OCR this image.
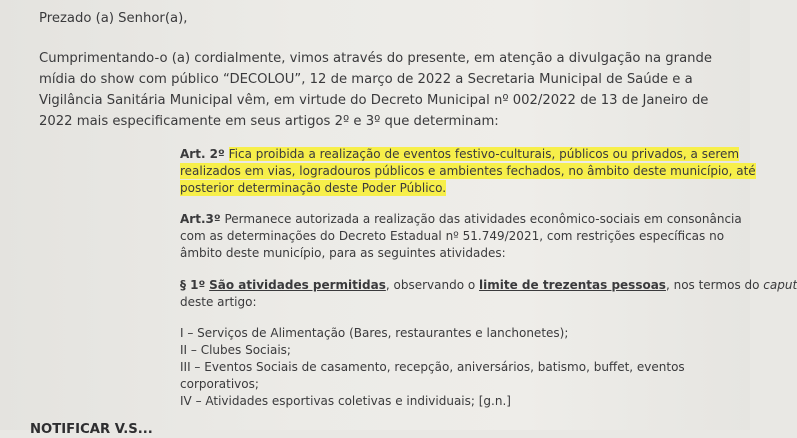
Prezado (a) Senhor(a),
Cumprimentando-o (a) cordialmente, vimos através do presente, em atenção a divulgação na grande
mídia do show com público “DECOLOU”, 12 de março de 2022 a Secretaria Municipal de Saúde e a
Vigilância Sanitária Municipal vêm, em virtude do Decreto Municipal nº 002/2022 de 13 de Janeiro de
2022 mais especificamente em seus artigos 2º e 3º que determinam:
Art. 2º Fica proibida a realização de eventos festivo-culturais, públicos ou privados, a serem
realizados em vias, logradouros públicos e ambientes fechados, no âmbito deste município, até
posterior determinação deste Poder Público.
Art.3º Permanece autorizada a realização das atividades econômico-sociais em consonância
com as determinações do Decreto Estadual nº 51.749/2021, com restrições específicas no
âmbito deste município, para as seguintes atividades:
§ 1º São atividades permitidas, observando o limite de trezentas pessoas, nos termos do caput
deste artigo:
I – Serviços de Alimentação (Bares, restaurantes e lanchonetes);
II – Clubes Sociais;
III – Eventos Sociais de casamento, recepção, aniversários, batismo, buffet, eventos
corporativos;
IV – Atividades esportivas coletivas e individuais; [g.n.]
NOTIFICAR V.S...
